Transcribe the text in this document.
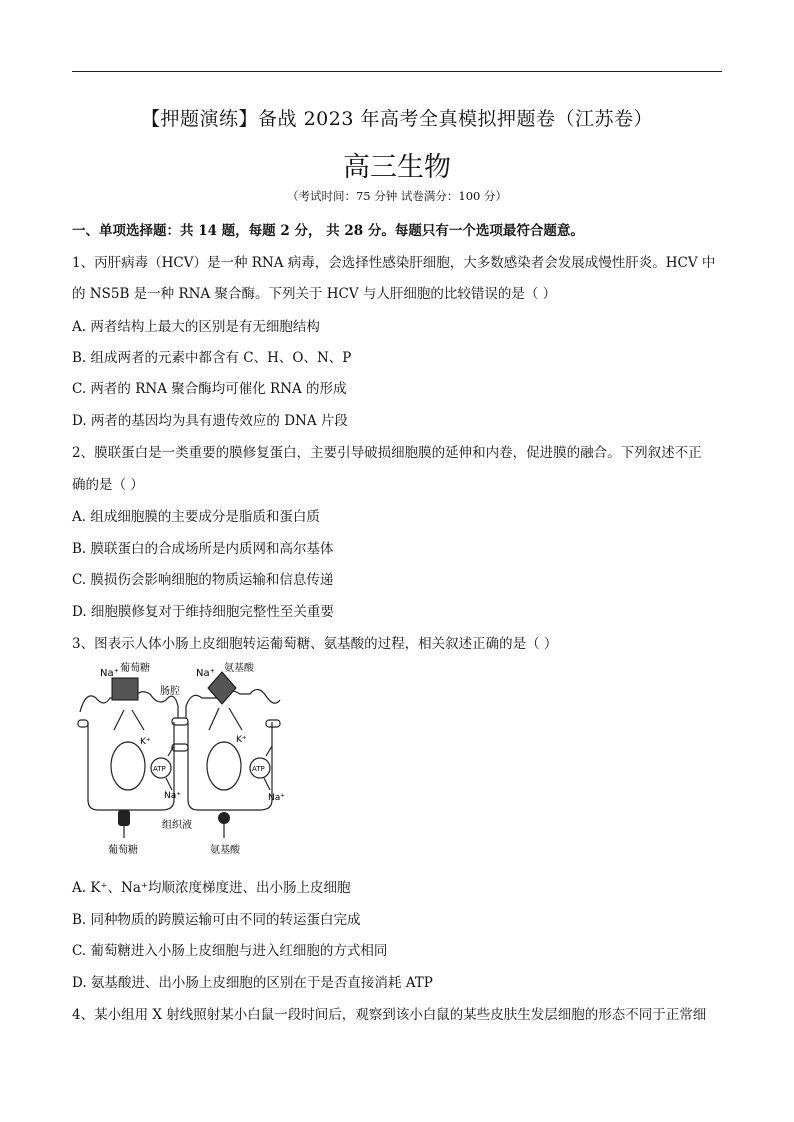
【押题演练】备战 2023 年高考全真模拟押题卷（江苏卷）
高三生物
（考试时间：75 分钟 试卷满分：100 分）
一、单项选择题：共 14 题，每题 2 分， 共 28 分。每题只有一个选项最符合题意。
1、丙肝病毒（HCV）是一种 RNA 病毒，会选择性感染肝细胞，大多数感染者会发展成慢性肝炎。HCV 中
的 NS5B 是一种 RNA 聚合酶。下列关于 HCV 与人肝细胞的比较错误的是（ ）
A. 两者结构上最大的区别是有无细胞结构
B. 组成两者的元素中都含有 C、H、O、N、P
C. 两者的 RNA 聚合酶均可催化 RNA 的形成
D. 两者的基因均为具有遗传效应的 DNA 片段
2、膜联蛋白是一类重要的膜修复蛋白，主要引导破损细胞膜的延伸和内卷，促进膜的融合。下列叙述不正
确的是（ ）
A. 组成细胞膜的主要成分是脂质和蛋白质
B. 膜联蛋白的合成场所是内质网和高尔基体
C. 膜损伤会影响细胞的物质运输和信息传递
D. 细胞膜修复对于维持细胞完整性至关重要
3、图表示人体小肠上皮细胞转运葡萄糖、氨基酸的过程，相关叙述正确的是（ ）
Na⁺ 葡萄糖
肠腔
Na⁺ 氨基酸
K⁺
ATP
Na⁺
K⁺
ATP
Na⁺
组织液
葡萄糖	氨基酸
A. K⁺、Na⁺均顺浓度梯度进、出小肠上皮细胞
B. 同种物质的跨膜运输可由不同的转运蛋白完成
C. 葡萄糖进入小肠上皮细胞与进入红细胞的方式相同
D. 氨基酸进、出小肠上皮细胞的区别在于是否直接消耗 ATP
4、某小组用 X 射线照射某小白鼠一段时间后，观察到该小白鼠的某些皮肤生发层细胞的形态不同于正常细
